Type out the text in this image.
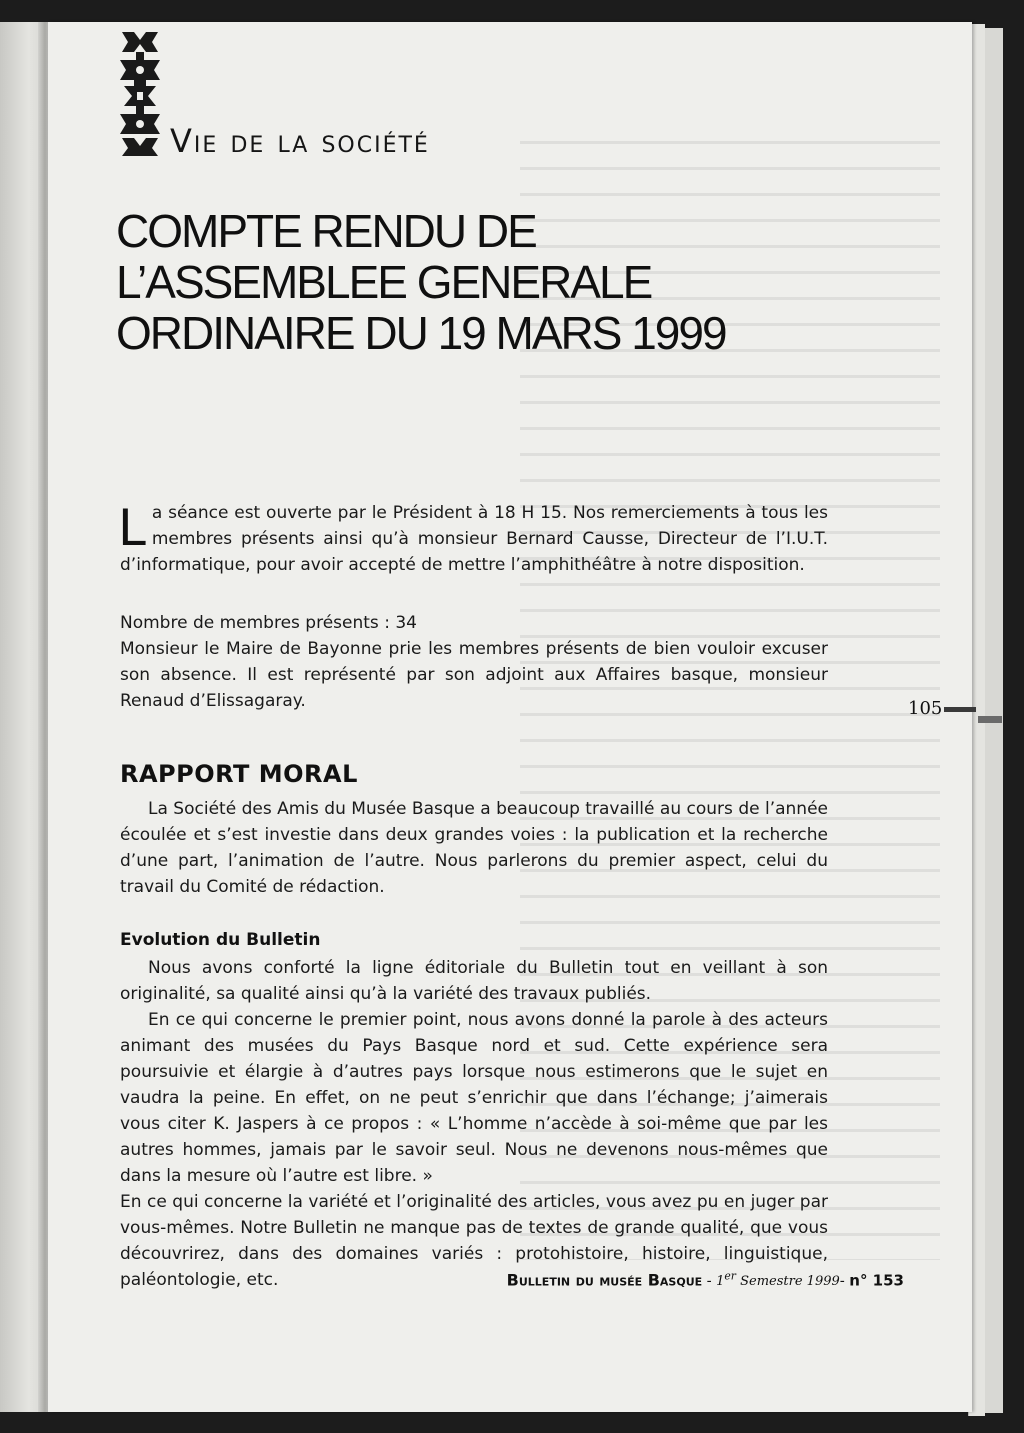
Vie de la société
COMPTE RENDU DE
L’ASSEMBLEE GENERALE
ORDINAIRE DU 19 MARS 1999
La séance est ouverte par le Président à 18 H 15. Nos remerciements à tous les membres présents ainsi qu’à monsieur Bernard Causse, Directeur de l’I.U.T. d’informatique, pour avoir accepté de mettre l’amphithéâtre à notre disposition.

Nombre de membres présents : 34

Monsieur le Maire de Bayonne prie les membres présents de bien vouloir excuser son absence. Il est représenté par son adjoint aux Affaires basque, monsieur Renaud d’Elissagaray.

RAPPORT MORAL

La Société des Amis du Musée Basque a beaucoup travaillé au cours de l’année écoulée et s’est investie dans deux grandes voies : la publication et la recherche d’une part, l’animation de l’autre. Nous parlerons du premier aspect, celui du travail du Comité de rédaction.

Evolution du Bulletin

Nous avons conforté la ligne éditoriale du Bulletin tout en veillant à son originalité, sa qualité ainsi qu’à la variété des travaux publiés.

En ce qui concerne le premier point, nous avons donné la parole à des acteurs animant des musées du Pays Basque nord et sud. Cette expérience sera poursuivie et élargie à d’autres pays lorsque nous estimerons que le sujet en vaudra la peine. En effet, on ne peut s’enrichir que dans l’échange; j’aimerais vous citer K. Jaspers à ce propos : « L’homme n’accède à soi-même que par les autres hommes, jamais par le savoir seul. Nous ne devenons nous-mêmes que dans la mesure où l’autre est libre. »

En ce qui concerne la variété et l’originalité des articles, vous avez pu en juger par vous-mêmes. Notre Bulletin ne manque pas de textes de grande qualité, que vous découvrirez, dans des domaines variés : protohistoire, histoire, linguistique, paléontologie, etc.	Bulletin du musée Basque - 1er Semestre 1999- n° 153
105
